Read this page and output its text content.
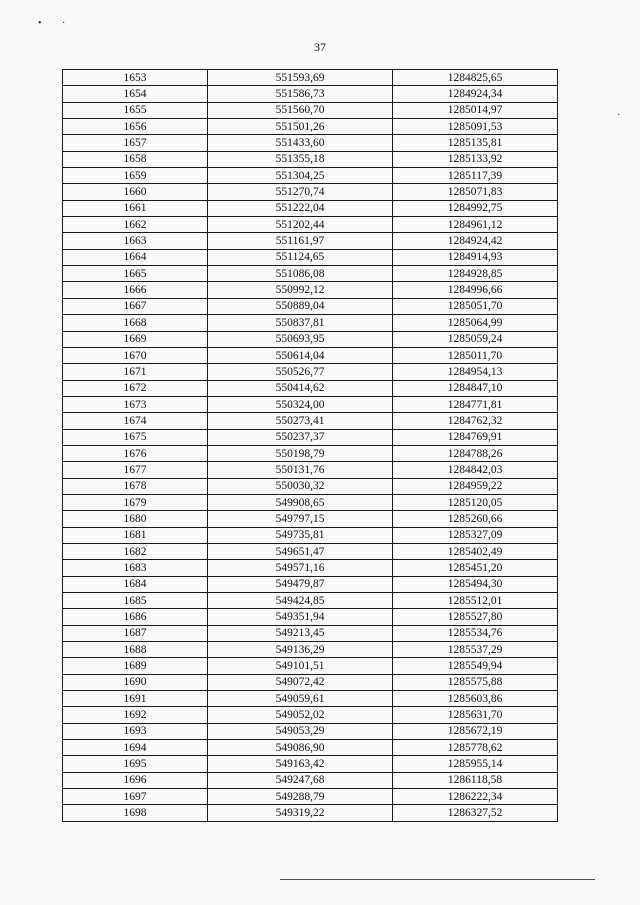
• ·
·
37
1653	551593,69	1284825,65
1654	551586,73	1284924,34
1655	551560,70	1285014,97
1656	551501,26	1285091,53
1657	551433,60	1285135,81
1658	551355,18	1285133,92
1659	551304,25	1285117,39
1660	551270,74	1285071,83
1661	551222,04	1284992,75
1662	551202,44	1284961,12
1663	551161,97	1284924,42
1664	551124,65	1284914,93
1665	551086,08	1284928,85
1666	550992,12	1284996,66
1667	550889,04	1285051,70
1668	550837,81	1285064,99
1669	550693,95	1285059,24
1670	550614,04	1285011,70
1671	550526,77	1284954,13
1672	550414,62	1284847,10
1673	550324,00	1284771,81
1674	550273,41	1284762,32
1675	550237,37	1284769,91
1676	550198,79	1284788,26
1677	550131,76	1284842,03
1678	550030,32	1284959,22
1679	549908,65	1285120,05
1680	549797,15	1285260,66
1681	549735,81	1285327,09
1682	549651,47	1285402,49
1683	549571,16	1285451,20
1684	549479,87	1285494,30
1685	549424,85	1285512,01
1686	549351,94	1285527,80
1687	549213,45	1285534,76
1688	549136,29	1285537,29
1689	549101,51	1285549,94
1690	549072,42	1285575,88
1691	549059,61	1285603,86
1692	549052,02	1285631,70
1693	549053,29	1285672,19
1694	549086,90	1285778,62
1695	549163,42	1285955,14
1696	549247,68	1286118,58
1697	549288,79	1286222,34
1698	549319,22	1286327,52
